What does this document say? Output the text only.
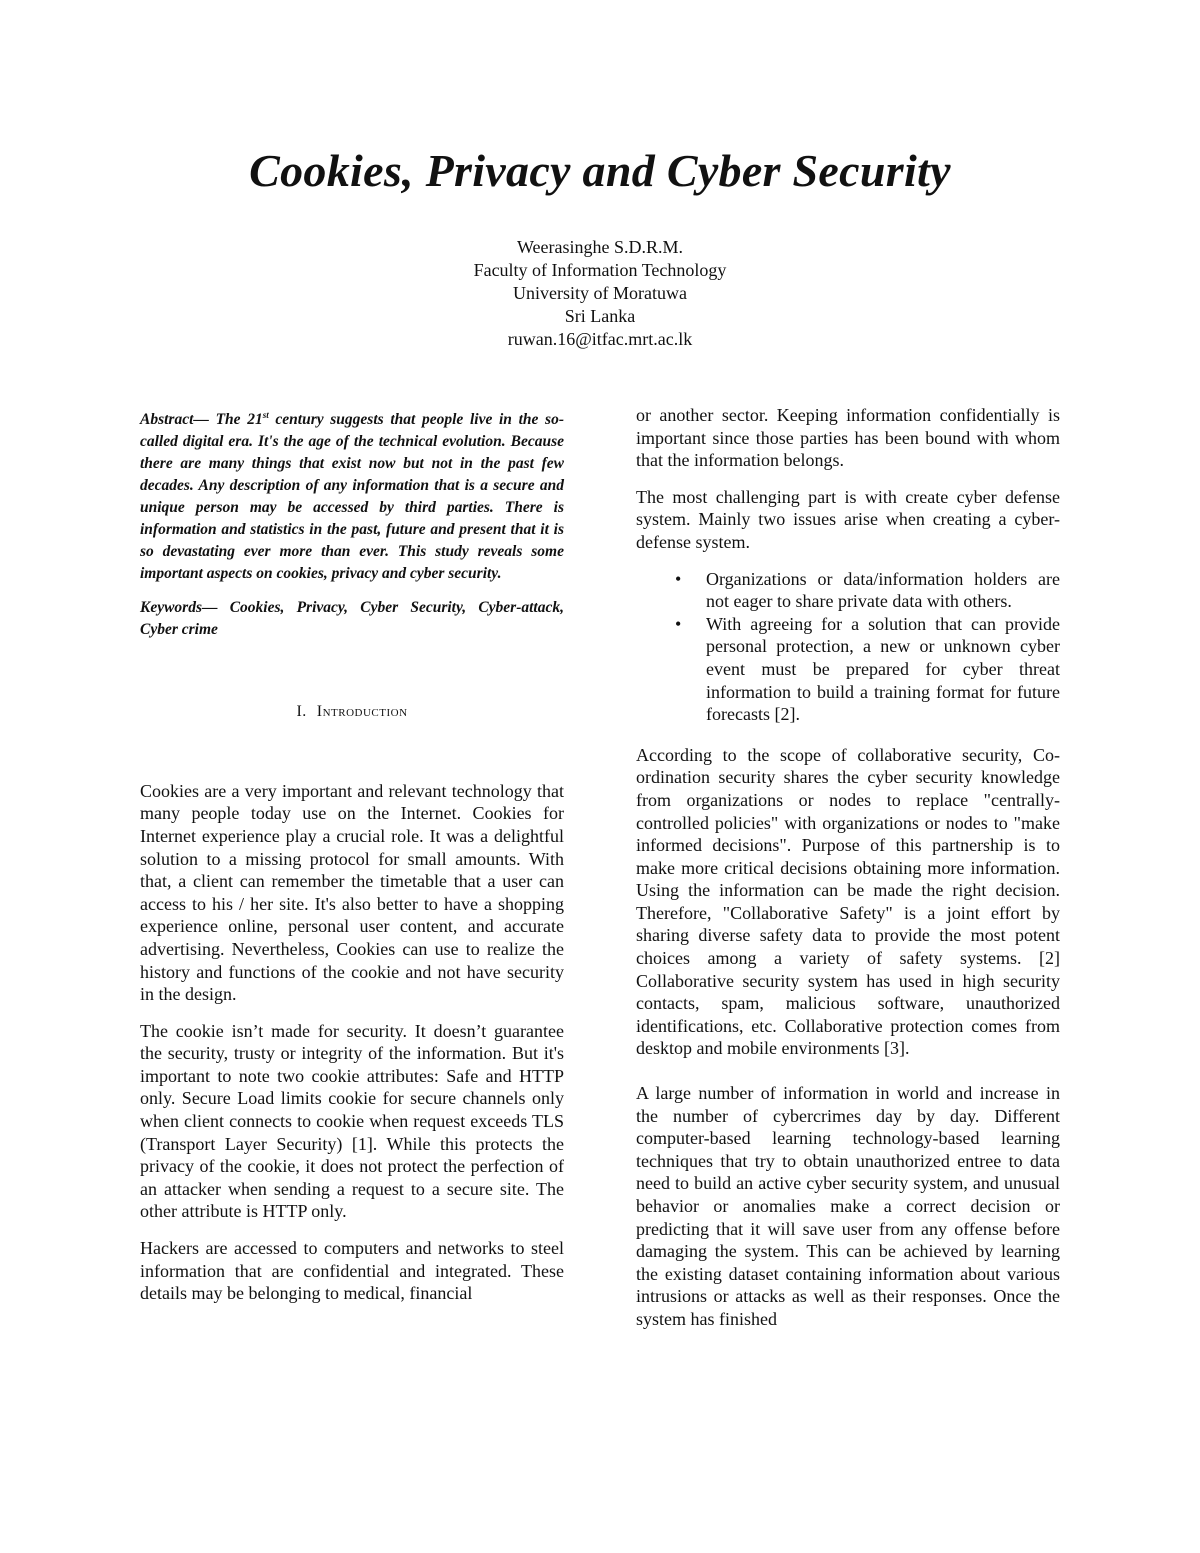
Cookies, Privacy and Cyber Security
Weerasinghe S.D.R.M.
Faculty of Information Technology
University of Moratuwa
Sri Lanka
ruwan.16@itfac.mrt.ac.lk

Abstract— The 21st century suggests that people live in the so-called digital era. It's the age of the technical evolution. Because there are many things that exist now but not in the past few decades. Any description of any information that is a secure and unique person may be accessed by third parties. There is information and statistics in the past, future and present that it is so devastating ever more than ever. This study reveals some important aspects on cookies, privacy and cyber security.

Keywords— Cookies, Privacy, Cyber Security, Cyber-attack, Cyber crime

I. Introduction

Cookies are a very important and relevant technology that many people today use on the Internet. Cookies for Internet experience play a crucial role. It was a delightful solution to a missing protocol for small amounts. With that, a client can remember the timetable that a user can access to his / her site. It's also better to have a shopping experience online, personal user content, and accurate advertising. Nevertheless, Cookies can use to realize the history and functions of the cookie and not have security in the design.

The cookie isn’t made for security. It doesn’t guarantee the security, trusty or integrity of the information. But it's important to note two cookie attributes: Safe and HTTP only. Secure Load limits cookie for secure channels only when client connects to cookie when request exceeds TLS (Transport Layer Security) [1]. While this protects the privacy of the cookie, it does not protect the perfection of an attacker when sending a request to a secure site. The other attribute is HTTP only.

Hackers are accessed to computers and networks to steel information that are confidential and integrated. These details may be belonging to medical, financial

or another sector. Keeping information confidentially is important since those parties has been bound with whom that the information belongs.

The most challenging part is with create cyber defense system. Mainly two issues arise when creating a cyber-defense system.

• Organizations or data/information holders are not eager to share private data with others.
• With agreeing for a solution that can provide personal protection, a new or unknown cyber event must be prepared for cyber threat information to build a training format for future forecasts [2].

According to the scope of collaborative security, Co-ordination security shares the cyber security knowledge from organizations or nodes to replace "centrally-controlled policies" with organizations or nodes to "make informed decisions". Purpose of this partnership is to make more critical decisions obtaining more information. Using the information can be made the right decision. Therefore, "Collaborative Safety" is a joint effort by sharing diverse safety data to provide the most potent choices among a variety of safety systems. [2] Collaborative security system has used in high security contacts, spam, malicious software, unauthorized identifications, etc. Collaborative protection comes from desktop and mobile environments [3].

A large number of information in world and increase in the number of cybercrimes day by day. Different computer-based learning technology-based learning techniques that try to obtain unauthorized entree to data need to build an active cyber security system, and unusual behavior or anomalies make a correct decision or predicting that it will save user from any offense before damaging the system. This can be achieved by learning the existing dataset containing information about various intrusions or attacks as well as their responses. Once the system has finished
